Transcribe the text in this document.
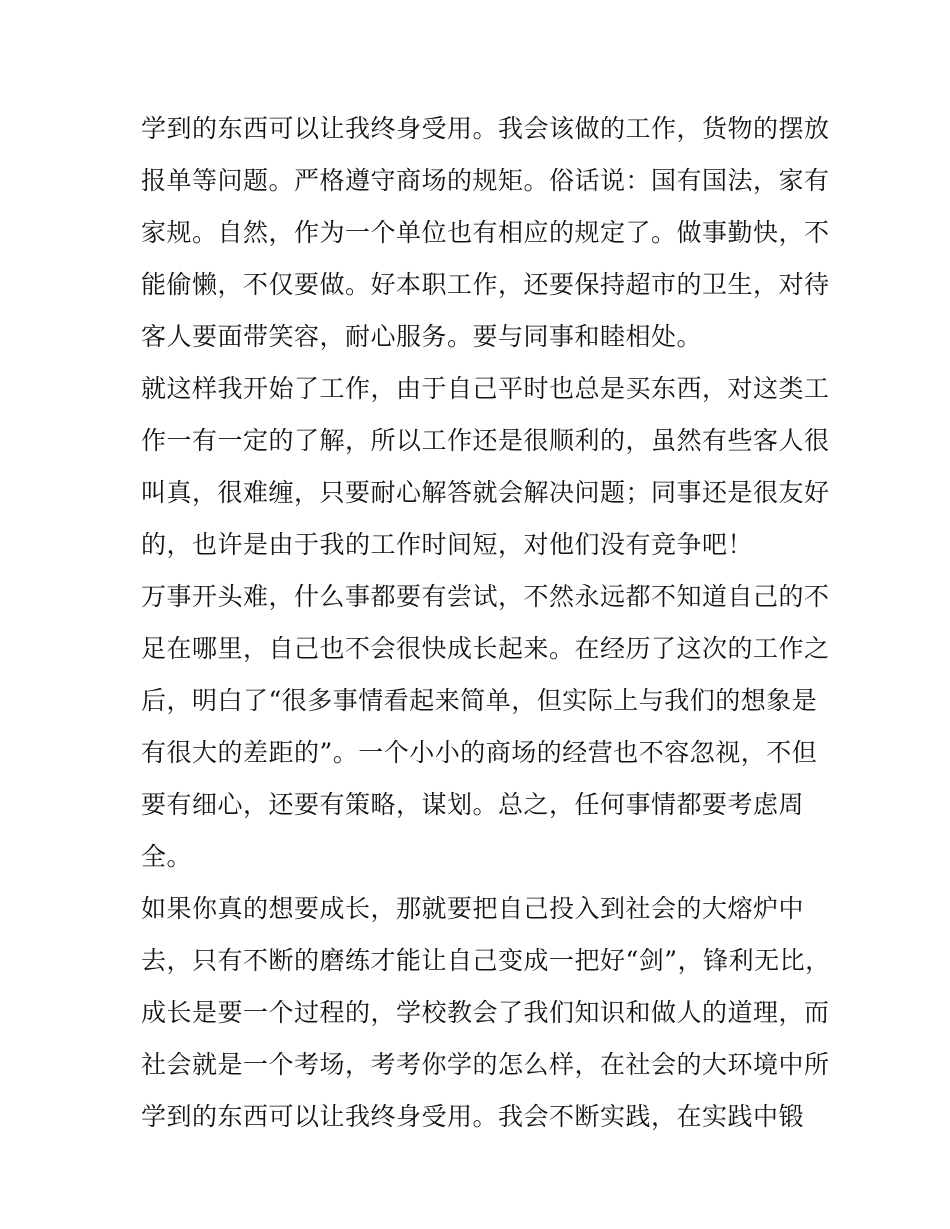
学到的东西可以让我终身受用。我会该做的工作，货物的摆放
报单等问题。严格遵守商场的规矩。俗话说：国有国法，家有
家规。自然，作为一个单位也有相应的规定了。做事勤快，不
能偷懒，不仅要做。好本职工作，还要保持超市的卫生，对待
客人要面带笑容，耐心服务。要与同事和睦相处。
就这样我开始了工作，由于自己平时也总是买东西，对这类工
作一有一定的了解，所以工作还是很顺利的，虽然有些客人很
叫真，很难缠，只要耐心解答就会解决问题；同事还是很友好
的，也许是由于我的工作时间短，对他们没有竞争吧！
万事开头难，什么事都要有尝试，不然永远都不知道自己的不
足在哪里，自己也不会很快成长起来。在经历了这次的工作之
后，明白了“很多事情看起来简单，但实际上与我们的想象是
有很大的差距的”。一个小小的商场的经营也不容忽视，不但
要有细心，还要有策略，谋划。总之，任何事情都要考虑周
全。
如果你真的想要成长，那就要把自己投入到社会的大熔炉中
去，只有不断的磨练才能让自己变成一把好“剑”，锋利无比，
成长是要一个过程的，学校教会了我们知识和做人的道理，而
社会就是一个考场，考考你学的怎么样，在社会的大环境中所
学到的东西可以让我终身受用。我会不断实践，在实践中锻
